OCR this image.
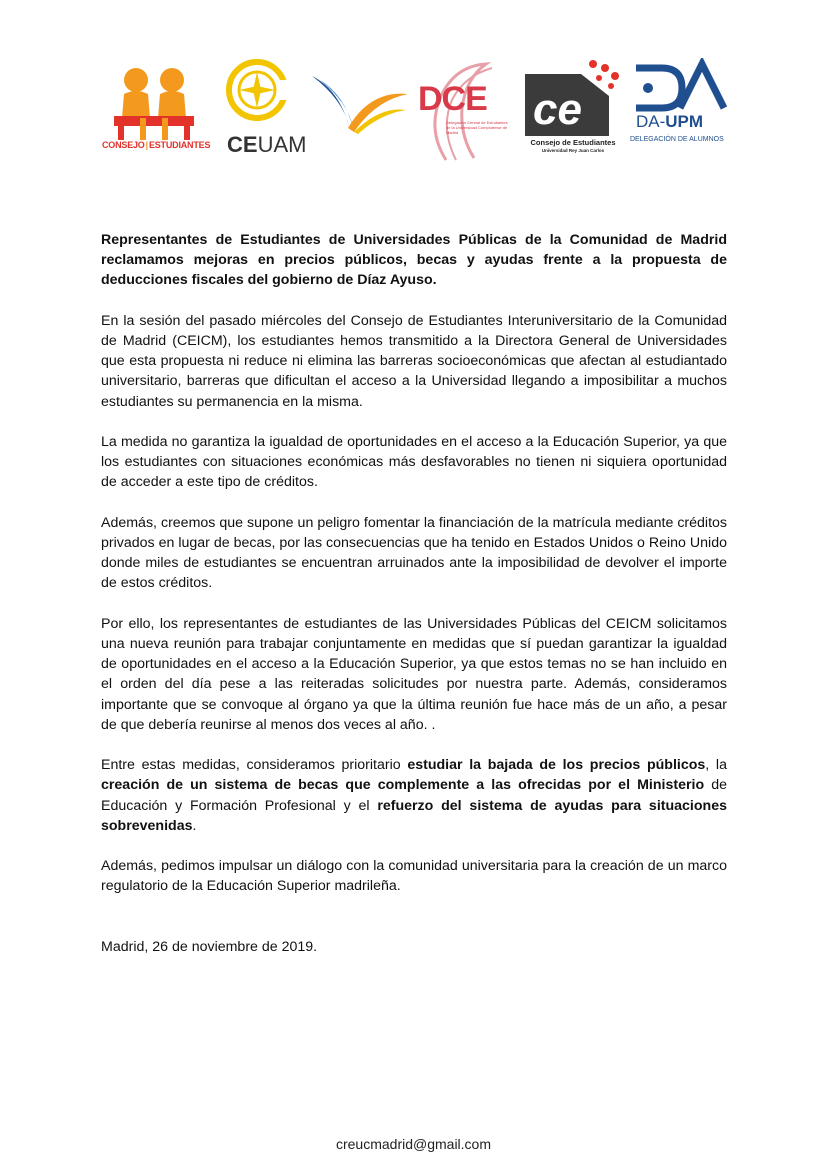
CONSEJO|ESTUDIANTES CEUAM
DCE
Delegación Central de Estudiantes de la Universidad Complutense de Madrid	ce
Consejo de Estudiantes
Universidad Rey Juan Carlos
DA-UPM
DELEGACIÓN DE ALUMNOS

Representantes de Estudiantes de Universidades Públicas de la Comunidad de Madrid reclamamos mejoras en precios públicos, becas y ayudas frente a la propuesta de deducciones fiscales del gobierno de Díaz Ayuso.

En la sesión del pasado miércoles del Consejo de Estudiantes Interuniversitario de la Comunidad de Madrid (CEICM), los estudiantes hemos transmitido a la Directora General de Universidades que esta propuesta ni reduce ni elimina las barreras socioeconómicas que afectan al estudiantado universitario, barreras que dificultan el acceso a la Universidad llegando a imposibilitar a muchos estudiantes su permanencia en la misma.

La medida no garantiza la igualdad de oportunidades en el acceso a la Educación Superior, ya que los estudiantes con situaciones económicas más desfavorables no tienen ni siquiera oportunidad de acceder a este tipo de créditos.

Además, creemos que supone un peligro fomentar la financiación de la matrícula mediante créditos privados en lugar de becas, por las consecuencias que ha tenido en Estados Unidos o Reino Unido donde miles de estudiantes se encuentran arruinados ante la imposibilidad de devolver el importe de estos créditos.

Por ello, los representantes de estudiantes de las Universidades Públicas del CEICM solicitamos una nueva reunión para trabajar conjuntamente en medidas que sí puedan garantizar la igualdad de oportunidades en el acceso a la Educación Superior, ya que estos temas no se han incluido en el orden del día pese a las reiteradas solicitudes por nuestra parte. Además, consideramos importante que se convoque al órgano ya que la última reunión fue hace más de un año, a pesar de que debería reunirse al menos dos veces al año. .

Entre estas medidas, consideramos prioritario estudiar la bajada de los precios públicos, la creación de un sistema de becas que complemente a las ofrecidas por el Ministerio de Educación y Formación Profesional y el refuerzo del sistema de ayudas para situaciones sobrevenidas.

Además, pedimos impulsar un diálogo con la comunidad universitaria para la creación de un marco regulatorio de la Educación Superior madrileña.

Madrid, 26 de noviembre de 2019.

creucmadrid@gmail.com
